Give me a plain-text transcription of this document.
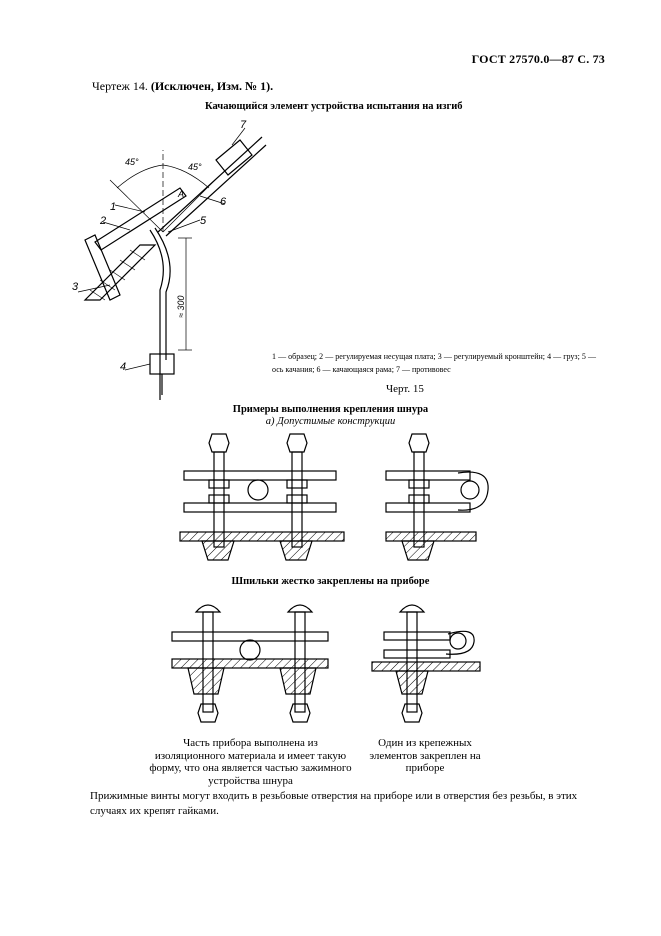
ГОСТ 27570.0—87 С. 73
Чертеж 14. (Исключен, Изм. № 1).
Качающийся элемент устройства испытания на изгиб
1
2
3
4
5
6
7
45°	45°
A
≈ 300
1 — образец; 2 — регулируемая несущая плата; 3 — регулируемый кронштейн; 4 — груз; 5 — ось качания; 6 — качающаяся рама; 7 — противовес
Черт. 15
Примеры выполнения крепления шнура
а) Допустимые конструкции
Шпильки жестко закреплены на приборе
Часть прибора выполнена из изоляционного материала и имеет такую форму, что она является частью зажимного устройства шнура
Один из крепежных элементов закреплен на приборе
Прижимные винты могут входить в резьбовые отверстия на приборе или в отверстия без резьбы, в этих случаях их крепят гайками.
